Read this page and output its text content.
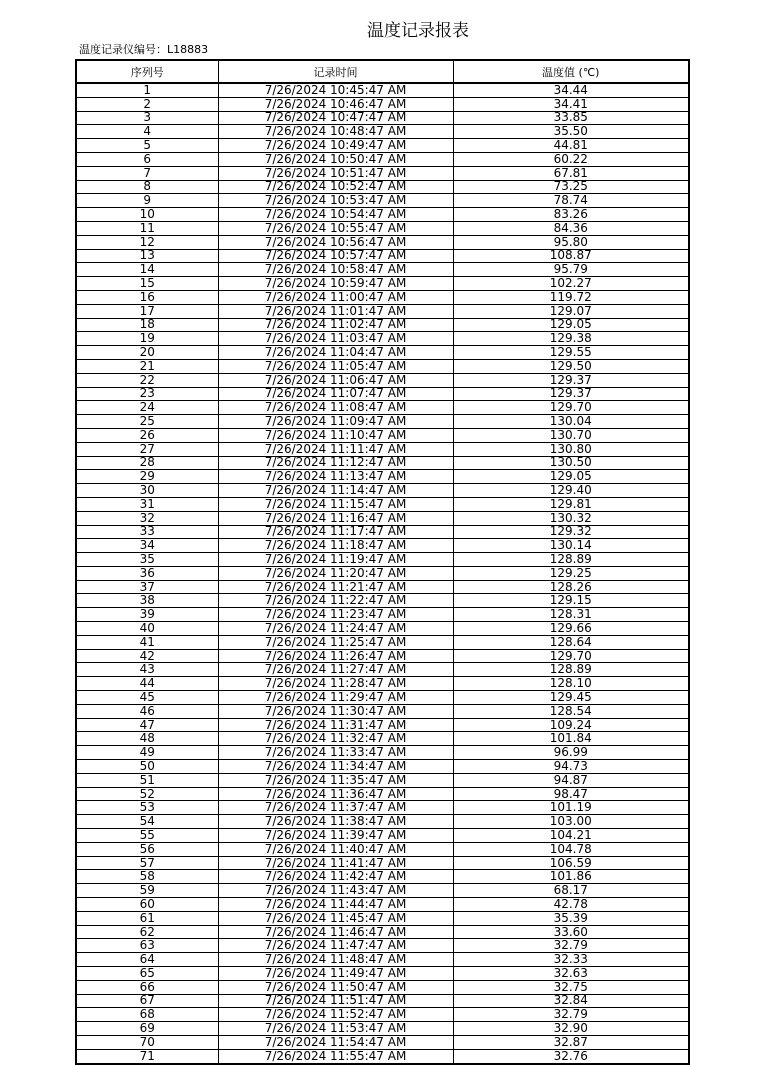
温度记录报表
温度记录仪编号：L18883
序列号	记录时间	温度值 (℃)
1	7/26/2024 10:45:47 AM	34.44
2	7/26/2024 10:46:47 AM	34.41
3	7/26/2024 10:47:47 AM	33.85
4	7/26/2024 10:48:47 AM	35.50
5	7/26/2024 10:49:47 AM	44.81
6	7/26/2024 10:50:47 AM	60.22
7	7/26/2024 10:51:47 AM	67.81
8	7/26/2024 10:52:47 AM	73.25
9	7/26/2024 10:53:47 AM	78.74
10	7/26/2024 10:54:47 AM	83.26
11	7/26/2024 10:55:47 AM	84.36
12	7/26/2024 10:56:47 AM	95.80
13	7/26/2024 10:57:47 AM	108.87
14	7/26/2024 10:58:47 AM	95.79
15	7/26/2024 10:59:47 AM	102.27
16	7/26/2024 11:00:47 AM	119.72
17	7/26/2024 11:01:47 AM	129.07
18	7/26/2024 11:02:47 AM	129.05
19	7/26/2024 11:03:47 AM	129.38
20	7/26/2024 11:04:47 AM	129.55
21	7/26/2024 11:05:47 AM	129.50
22	7/26/2024 11:06:47 AM	129.37
23	7/26/2024 11:07:47 AM	129.37
24	7/26/2024 11:08:47 AM	129.70
25	7/26/2024 11:09:47 AM	130.04
26	7/26/2024 11:10:47 AM	130.70
27	7/26/2024 11:11:47 AM	130.80
28	7/26/2024 11:12:47 AM	130.50
29	7/26/2024 11:13:47 AM	129.05
30	7/26/2024 11:14:47 AM	129.40
31	7/26/2024 11:15:47 AM	129.81
32	7/26/2024 11:16:47 AM	130.32
33	7/26/2024 11:17:47 AM	129.32
34	7/26/2024 11:18:47 AM	130.14
35	7/26/2024 11:19:47 AM	128.89
36	7/26/2024 11:20:47 AM	129.25
37	7/26/2024 11:21:47 AM	128.26
38	7/26/2024 11:22:47 AM	129.15
39	7/26/2024 11:23:47 AM	128.31
40	7/26/2024 11:24:47 AM	129.66
41	7/26/2024 11:25:47 AM	128.64
42	7/26/2024 11:26:47 AM	129.70
43	7/26/2024 11:27:47 AM	128.89
44	7/26/2024 11:28:47 AM	128.10
45	7/26/2024 11:29:47 AM	129.45
46	7/26/2024 11:30:47 AM	128.54
47	7/26/2024 11:31:47 AM	109.24
48	7/26/2024 11:32:47 AM	101.84
49	7/26/2024 11:33:47 AM	96.99
50	7/26/2024 11:34:47 AM	94.73
51	7/26/2024 11:35:47 AM	94.87
52	7/26/2024 11:36:47 AM	98.47
53	7/26/2024 11:37:47 AM	101.19
54	7/26/2024 11:38:47 AM	103.00
55	7/26/2024 11:39:47 AM	104.21
56	7/26/2024 11:40:47 AM	104.78
57	7/26/2024 11:41:47 AM	106.59
58	7/26/2024 11:42:47 AM	101.86
59	7/26/2024 11:43:47 AM	68.17
60	7/26/2024 11:44:47 AM	42.78
61	7/26/2024 11:45:47 AM	35.39
62	7/26/2024 11:46:47 AM	33.60
63	7/26/2024 11:47:47 AM	32.79
64	7/26/2024 11:48:47 AM	32.33
65	7/26/2024 11:49:47 AM	32.63
66	7/26/2024 11:50:47 AM	32.75
67	7/26/2024 11:51:47 AM	32.84
68	7/26/2024 11:52:47 AM	32.79
69	7/26/2024 11:53:47 AM	32.90
70	7/26/2024 11:54:47 AM	32.87
71	7/26/2024 11:55:47 AM	32.76
